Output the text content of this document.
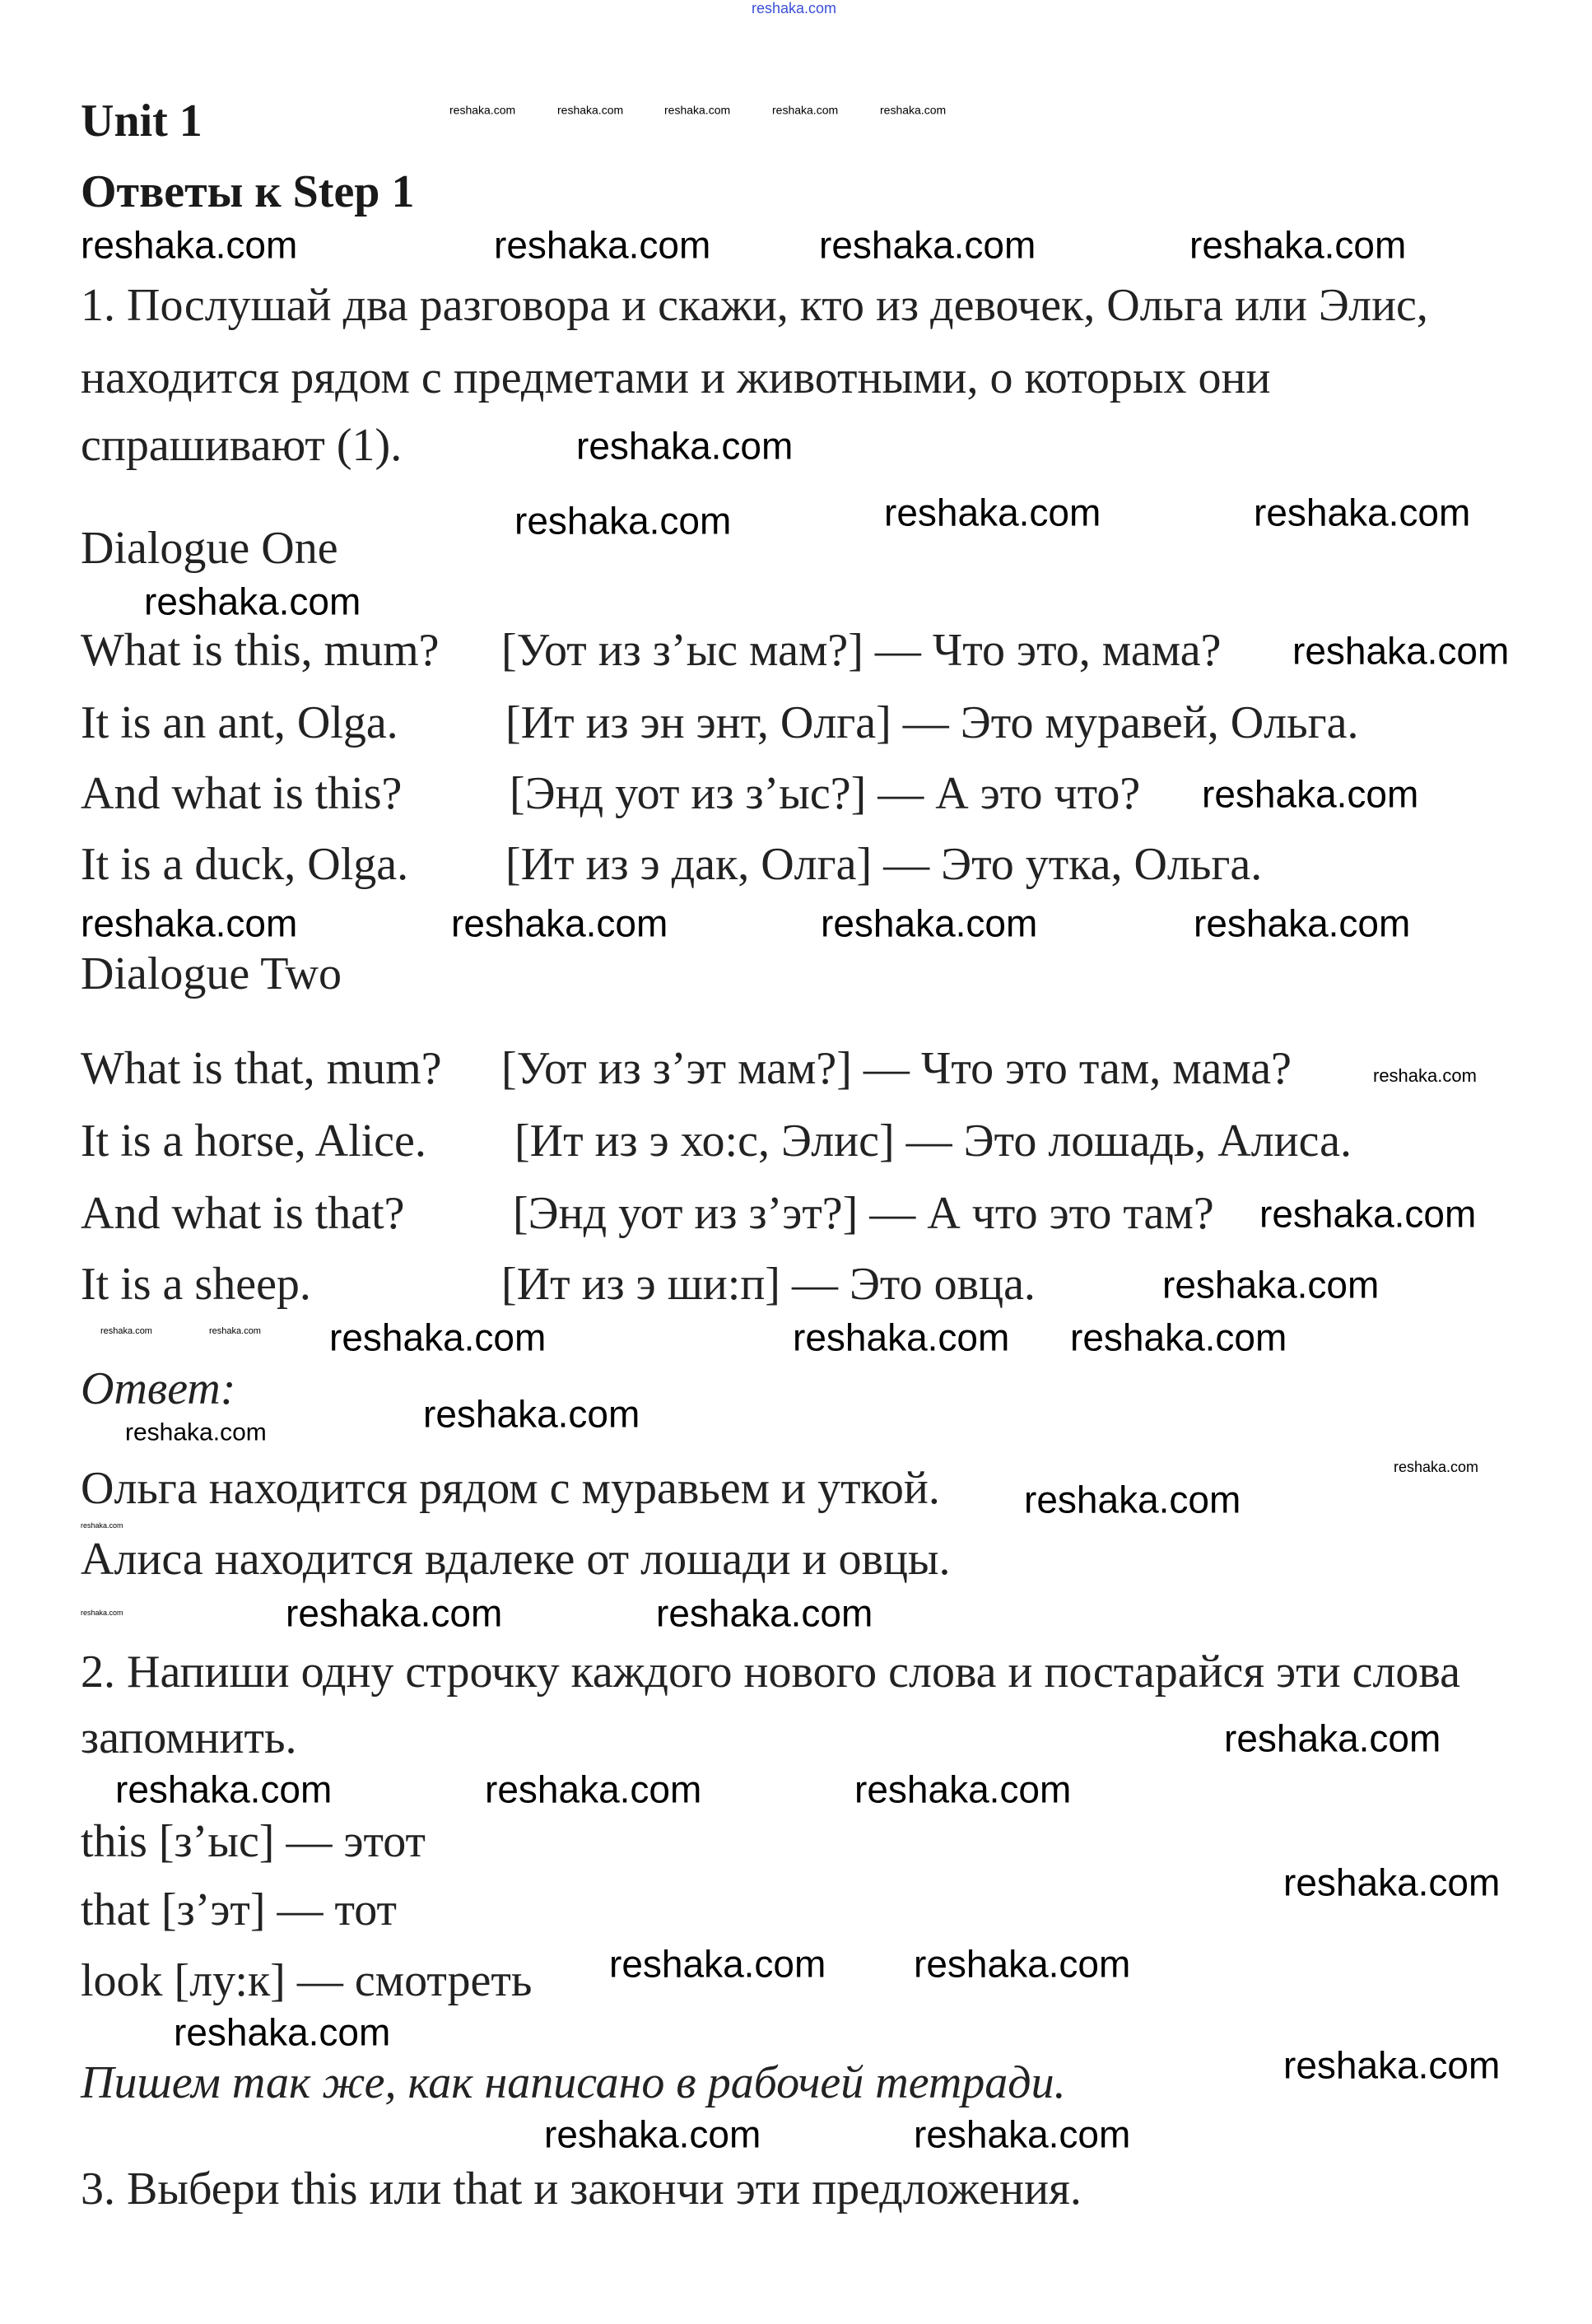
reshaka.com
reshaka.com	reshaka.com	reshaka.com	reshaka.com	reshaka.com
reshaka.com	reshaka.com	reshaka.com	reshaka.com
reshaka.com
reshaka.com	reshaka.com	reshaka.com
reshaka.com
reshaka.com
reshaka.com
reshaka.com
reshaka.com	reshaka.com	reshaka.com
reshaka.com
reshaka.com
reshaka.com	reshaka.com
reshaka.com	reshaka.com
reshaka.com
reshaka.com
reshaka.com	reshaka.com
reshaka.com
reshaka.com
reshaka.com
reshaka.com	reshaka.com	reshaka.com
reshaka.com
reshaka.com	reshaka.com	reshaka.com
reshaka.com
reshaka.com reshaka.com
reshaka.com
reshaka.com
reshaka.com	reshaka.com
Unit 1
Ответы к Step 1
1. Послушай два разговора и скажи, кто из девочек, Ольга или Элис,
находится рядом с предметами и животными, о которых они
спрашивают (1).
Dialogue One
What is this, mum? [Уот из з’ыс мам?] — Что это, мама?
It is an ant, Olga. [Ит из эн энт, Олга] — Это муравей, Ольга.
And what is this? [Энд уот из з’ыс?] — А это что?
It is a duck, Olga. [Ит из э дак, Олга] — Это утка, Ольга.
Dialogue Two
What is that, mum? [Уот из з’эт мам?] — Что это там, мама?
It is a horse, Alice. [Ит из э хо:с, Элис] — Это лошадь, Алиса.
And what is that? [Энд уот из з’эт?] — А что это там?
It is a sheep.	[Ит из э ши:п] — Это овца.
Ответ:
Ольга находится рядом с муравьем и уткой.
Алиса находится вдалеке от лошади и овцы.
2. Напиши одну строчку каждого нового слова и постарайся эти слова
запомнить.
this [з’ыс] — этот
that [з’эт] — тот
look [лу:к] — смотреть
Пишем так же, как написано в рабочей тетради.
3. Выбери this или that и закончи эти предложения.
